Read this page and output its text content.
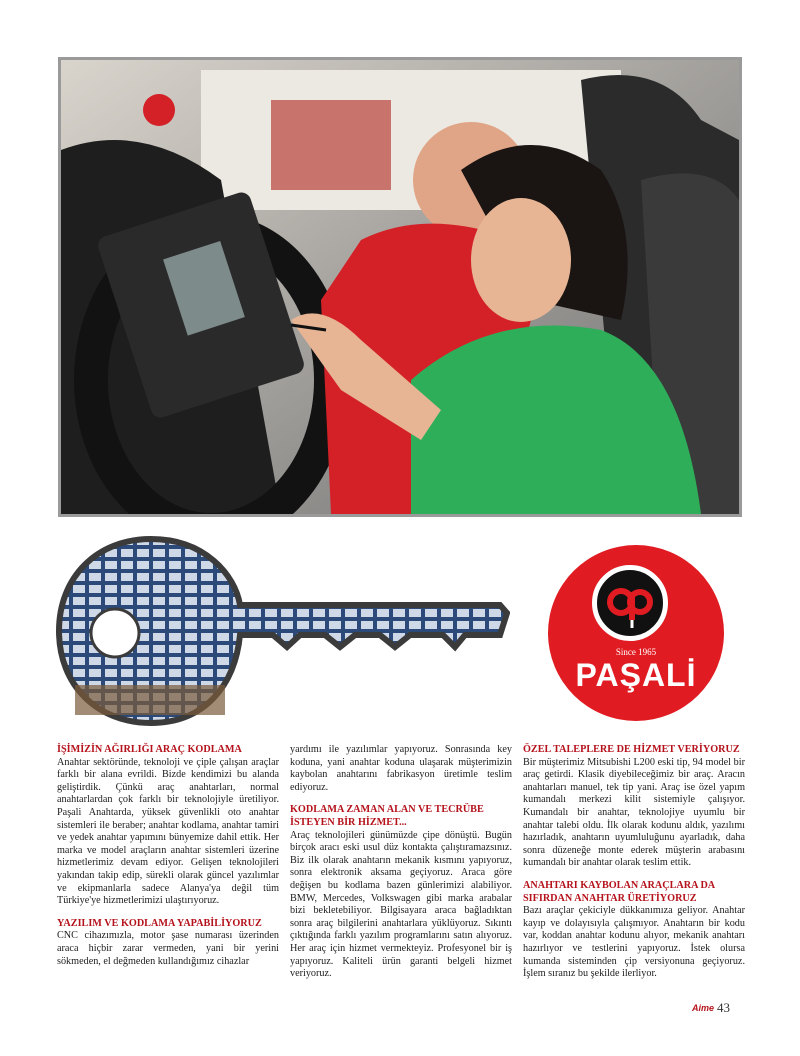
Since 1965
PAŞALİ
İŞİMİZİN AĞIRLIĞI ARAÇ KODLAMA

Anahtar sektöründe, teknoloji ve çiple çalışan araçlar farklı bir alana evrildi. Bizde kendimizi bu alanda geliştirdik. Çünkü araç anahtarları, normal anahtarlardan çok farklı bir teknolojiyle üretiliyor. Paşali Anahtarda, yüksek güvenlikli oto anahtar sistemleri ile beraber; anahtar kodlama, anahtar tamiri ve yedek anahtar yapımını bünyemize dahil ettik. Her marka ve model araçların anahtar sistemleri üzerine hizmetlerimiz devam ediyor. Gelişen teknolojileri yakından takip edip, sürekli olarak güncel yazılımlar ve ekipmanlarla sadece Alanya'ya değil tüm Türkiye'ye hizmetlerimizi ulaştırıyoruz.

YAZILIM VE KODLAMA YAPABİLİYORUZ

CNC cihazımızla, motor şase numarası üzerinden araca hiçbir zarar vermeden, yani bir yerini sökmeden, el değmeden kullandığımız cihazlar

yardımı ile yazılımlar yapıyoruz. Sonrasında key koduna, yani anahtar koduna ulaşarak müşterimizin kaybolan anahtarını fabrikasyon üretimle teslim ediyoruz.

KODLAMA ZAMAN ALAN VE TECRÜBE İSTEYEN BİR HİZMET...

Araç teknolojileri günümüzde çipe dönüştü. Bugün birçok aracı eski usul düz kontakta çalıştıramazsınız. Biz ilk olarak anahtarın mekanik kısmını yapıyoruz, sonra elektronik aksama geçiyoruz. Araca göre değişen bu kodlama bazen günlerimizi alabiliyor. BMW, Mercedes, Volkswagen gibi marka arabalar bizi bekletebiliyor. Bilgisayara araca bağladıktan sonra araç bilgilerini anahtarlara yüklüyoruz. Sıkıntı çıktığında farklı yazılım programlarını satın alıyoruz. Her araç için hizmet vermekteyiz. Profesyonel bir iş yapıyoruz. Kaliteli ürün garanti belgeli hizmet veriyoruz.

ÖZEL TALEPLERE DE HİZMET VERİYORUZ

Bir müşterimiz Mitsubishi L200 eski tip, 94 model bir araç getirdi. Klasik diyebileceğimiz bir araç. Aracın anahtarları manuel, tek tip yani. Araç ise özel yapım kumandalı merkezi kilit sistemiyle çalışıyor. Kumandalı bir anahtar, teknolojiye uyumlu bir anahtar talebi oldu. İlk olarak kodunu aldık, yazılımı hazırladık, anahtarın uyumluluğunu ayarladık, daha sonra düzeneğe monte ederek müşterin arabasını kumandalı bir anahtar olarak teslim ettik.

ANAHTARI KAYBOLAN ARAÇLARA DA SIFIRDAN ANAHTAR ÜRETİYORUZ

Bazı araçlar çekiciyle dükkanımıza geliyor. Anahtar kayıp ve dolayısıyla çalışmıyor. Anahtarın bir kodu var, koddan anahtar kodunu alıyor, mekanik anahtarı hazırlıyor ve testlerini yapıyoruz. İstek olursa kumanda sisteminden çip versiyonuna geçiyoruz. İşlem sıranız bu şekilde ilerliyor.

Aime 43
